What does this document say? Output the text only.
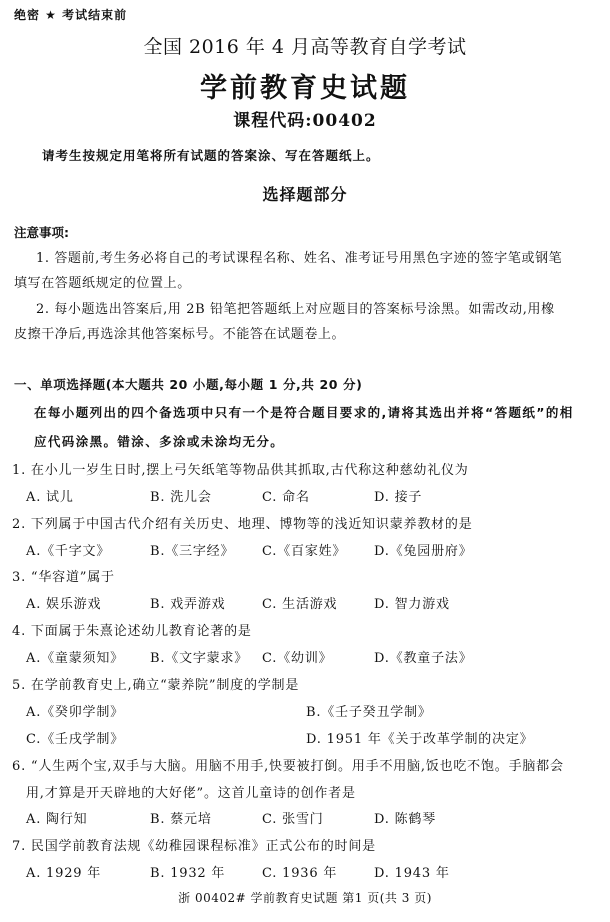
绝密 ★ 考试结束前
全国 2016 年 4 月高等教育自学考试
学前教育史试题
课程代码:00402
请考生按规定用笔将所有试题的答案涂、写在答题纸上。
选择题部分
注意事项:
1. 答题前,考生务必将自己的考试课程名称、姓名、准考证号用黑色字迹的签字笔或钢笔
填写在答题纸规定的位置上。
2. 每小题选出答案后,用 2B 铅笔把答题纸上对应题目的答案标号涂黑。如需改动,用橡
皮擦干净后,再选涂其他答案标号。不能答在试题卷上。
一、单项选择题(本大题共 20 小题,每小题 1 分,共 20 分)
在每小题列出的四个备选项中只有一个是符合题目要求的,请将其选出并将“答题纸”的相
应代码涂黑。错涂、多涂或未涂均无分。
1. 在小儿一岁生日时,摆上弓矢纸笔等物品供其抓取,古代称这种慈幼礼仪为
A. 试儿	B. 洗儿会	C. 命名	D. 接子
2. 下列属于中国古代介绍有关历史、地理、博物等的浅近知识蒙养教材的是
A.《千字文》	B.《三字经》 C.《百家姓》 D.《兔园册府》
3. “华容道”属于
A. 娱乐游戏	B. 戏弄游戏	C. 生活游戏	D. 智力游戏
4. 下面属于朱熹论述幼儿教育论著的是
A.《童蒙须知》 B.《文字蒙求》 C.《幼训》	D.《教童子法》
5. 在学前教育史上,确立“蒙养院”制度的学制是
A.《癸卯学制》	B.《壬子癸丑学制》
C.《壬戌学制》	D. 1951 年《关于改革学制的决定》
6. “人生两个宝,双手与大脑。用脑不用手,快要被打倒。用手不用脑,饭也吃不饱。手脑都会
用,才算是开天辟地的大好佬”。这首儿童诗的创作者是
A. 陶行知	B. 蔡元培	C. 张雪门	D. 陈鹤琴
7. 民国学前教育法规《幼稚园课程标准》正式公布的时间是
A. 1929 年	B. 1932 年	C. 1936 年	D. 1943 年
浙 00402# 学前教育史试题 第1 页(共 3 页)
